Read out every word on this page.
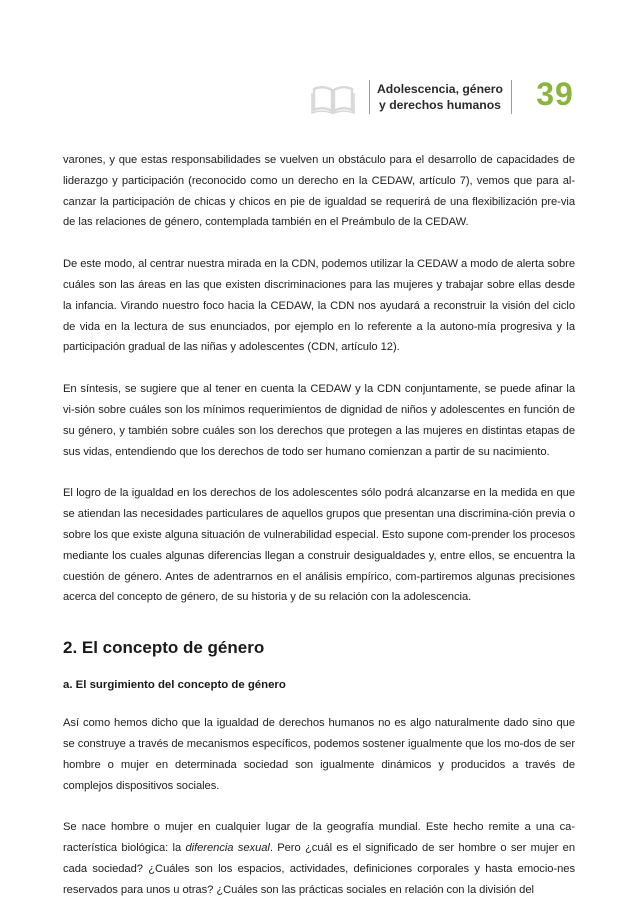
Adolescencia, género
y derechos humanos	39

varones, y que estas responsabilidades se vuelven un obstáculo para el desarrollo de capacidades de liderazgo y participación (reconocido como un derecho en la CEDAW, artículo 7), vemos que para al-canzar la participación de chicas y chicos en pie de igualdad se requerirá de una flexibilización pre-via de las relaciones de género, contemplada también en el Preámbulo de la CEDAW.

De este modo, al centrar nuestra mirada en la CDN, podemos utilizar la CEDAW a modo de alerta sobre cuáles son las áreas en las que existen discriminaciones para las mujeres y trabajar sobre ellas desde la infancia. Virando nuestro foco hacia la CEDAW, la CDN nos ayudará a reconstruir la visión del ciclo de vida en la lectura de sus enunciados, por ejemplo en lo referente a la autono-mía progresiva y la participación gradual de las niñas y adolescentes (CDN, artículo 12).

En síntesis, se sugiere que al tener en cuenta la CEDAW y la CDN conjuntamente, se puede afinar la vi-sión sobre cuáles son los mínimos requerimientos de dignidad de niños y adolescentes en función de su género, y también sobre cuáles son los derechos que protegen a las mujeres en distintas etapas de sus vidas, entendiendo que los derechos de todo ser humano comienzan a partir de su nacimiento.

El logro de la igualdad en los derechos de los adolescentes sólo podrá alcanzarse en la medida en que se atiendan las necesidades particulares de aquellos grupos que presentan una discrimina-ción previa o sobre los que existe alguna situación de vulnerabilidad especial. Esto supone com-prender los procesos mediante los cuales algunas diferencias llegan a construir desigualdades y, entre ellos, se encuentra la cuestión de género. Antes de adentrarnos en el análisis empírico, com-partiremos algunas precisiones acerca del concepto de género, de su historia y de su relación con la adolescencia.

2. El concepto de género
a. El surgimiento del concepto de género

Así como hemos dicho que la igualdad de derechos humanos no es algo naturalmente dado sino que se construye a través de mecanismos específicos, podemos sostener igualmente que los mo-dos de ser hombre o mujer en determinada sociedad son igualmente dinámicos y producidos a través de complejos dispositivos sociales.

Se nace hombre o mujer en cualquier lugar de la geografía mundial. Este hecho remite a una ca-racterística biológica: la diferencia sexual. Pero ¿cuál es el significado de ser hombre o ser mujer en cada sociedad? ¿Cuáles son los espacios, actividades, definiciones corporales y hasta emocio-nes reservados para unos u otras? ¿Cuáles son las prácticas sociales en relación con la división del
